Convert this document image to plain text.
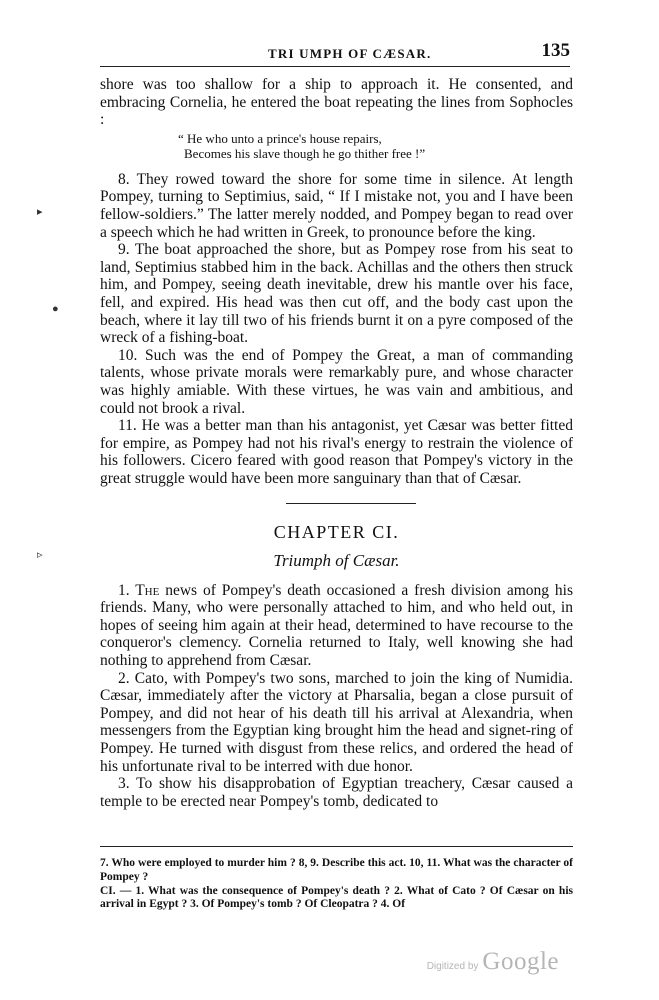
TRI UMPH OF CÆSAR.	135
▸
●
▹

shore was too shallow for a ship to approach it. He consented, and embracing Cornelia, he entered the boat repeating the lines from Sophocles :

“ He who unto a prince's house repairs,
Becomes his slave though he go thither free !”

8. They rowed toward the shore for some time in silence. At length Pompey, turning to Septimius, said, “ If I mistake not, you and I have been fellow-soldiers.” The latter merely nodded, and Pompey began to read over a speech which he had written in Greek, to pronounce before the king.

9. The boat approached the shore, but as Pompey rose from his seat to land, Septimius stabbed him in the back. Achillas and the others then struck him, and Pompey, seeing death inevitable, drew his mantle over his face, fell, and expired. His head was then cut off, and the body cast upon the beach, where it lay till two of his friends burnt it on a pyre composed of the wreck of a fishing-boat.

10. Such was the end of Pompey the Great, a man of commanding talents, whose private morals were remarkably pure, and whose character was highly amiable. With these virtues, he was vain and ambitious, and could not brook a rival.

11. He was a better man than his antagonist, yet Cæsar was better fitted for empire, as Pompey had not his rival's energy to restrain the violence of his followers. Cicero feared with good reason that Pompey's victory in the great struggle would have been more sanguinary than that of Cæsar.

CHAPTER CI.

Triumph of Cæsar.

1. The news of Pompey's death occasioned a fresh division among his friends. Many, who were personally attached to him, and who held out, in hopes of seeing him again at their head, determined to have recourse to the conqueror's clemency. Cornelia returned to Italy, well knowing she had nothing to apprehend from Cæsar.

2. Cato, with Pompey's two sons, marched to join the king of Numidia. Cæsar, immediately after the victory at Pharsalia, began a close pursuit of Pompey, and did not hear of his death till his arrival at Alexandria, when messengers from the Egyptian king brought him the head and signet-ring of Pompey. He turned with disgust from these relics, and ordered the head of his unfortunate rival to be interred with due honor.

3. To show his disapprobation of Egyptian treachery, Cæsar caused a temple to be erected near Pompey's tomb, dedicated to

7. Who were employed to murder him ? 8, 9. Describe this act. 10, 11. What was the character of Pompey ?

CI. — 1. What was the consequence of Pompey's death ? 2. What of Cato ? Of Cæsar on his arrival in Egypt ? 3. Of Pompey's tomb ? Of Cleopatra ? 4. Of

Digitized by Google
